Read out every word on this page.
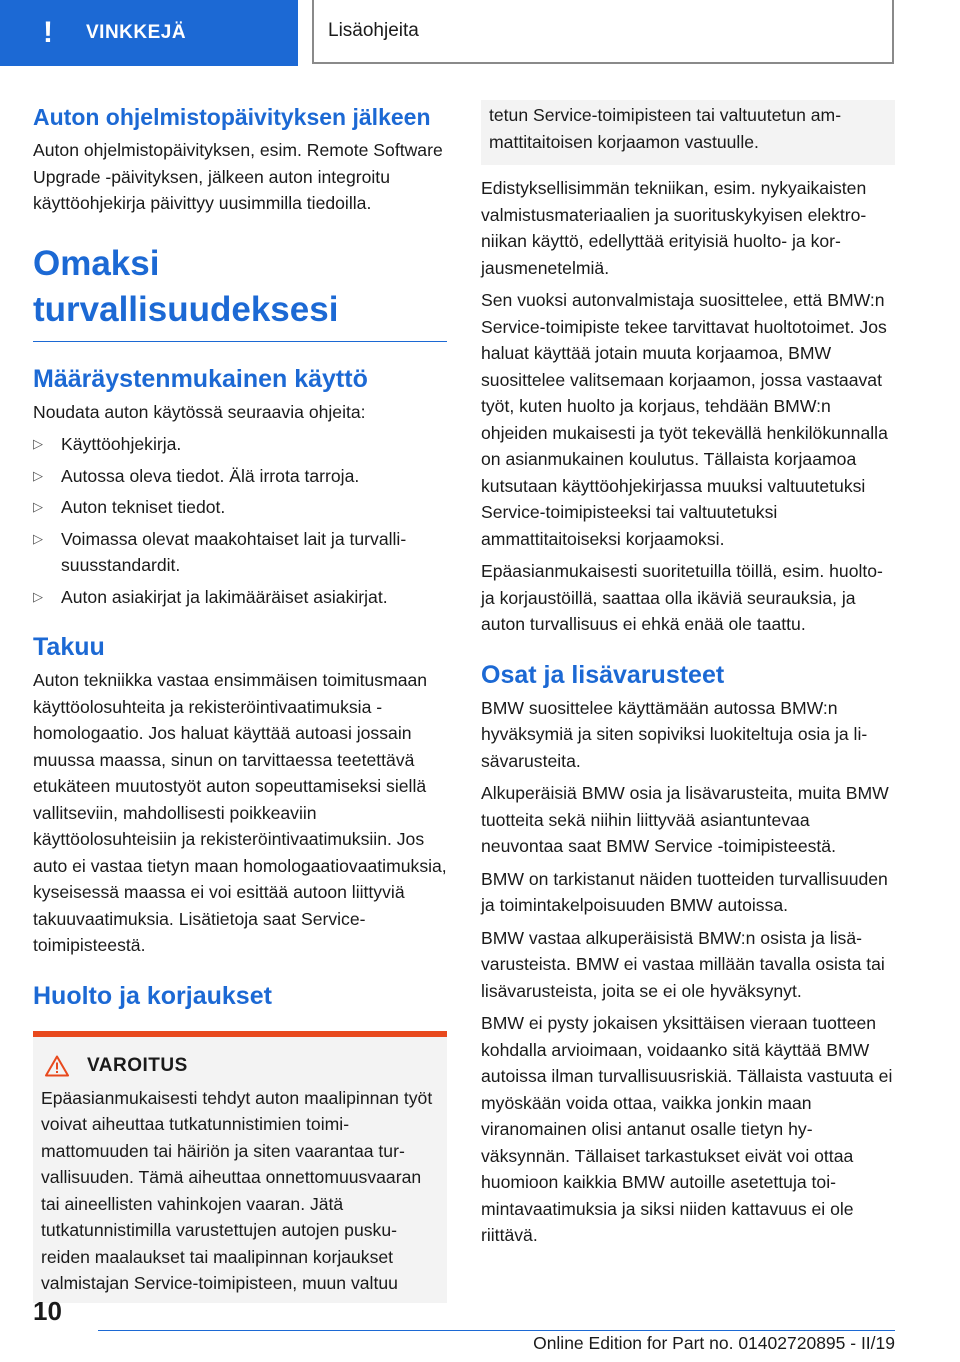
!	VINKKEJÄ	Lisäohjeita
Auton ohjelmistopäivityksen jälkeen

Auton ohjelmistopäivityksen, esim. Remote Software Upgrade -päivityksen, jälkeen auton integroitu käyttöohjekirja päivittyy uusimmilla tiedoilla.

Omaksi turvallisuudeksesi
Määräystenmukainen käyttö

Noudata auton käytössä seuraavia ohjeita:

▷ Käyttöohjekirja.
▷ Autossa oleva tiedot. Älä irrota tarroja.
▷ Auton tekniset tiedot.
▷ Voimassa olevat maakohtaiset lait ja turvallisuusstandardit.
▷ Auton asiakirjat ja lakimääräiset asiakirjat.
Takuu

Auton tekniikka vastaa ensimmäisen toimitusmaan käyttöolosuhteita ja rekisteröintivaatimuksia - homologaatio. Jos haluat käyttää autoasi jossain muussa maassa, sinun on tarvittaessa teetettävä etukäteen muutostyöt auton sopeuttamiseksi siellä vallitseviin, mahdollisesti poikkeaviin käyttöolosuhteisiin ja rekisteröintivaatimuksiin. Jos auto ei vastaa tietyn maan homologaatiovaatimuksia, kyseisessä maassa ei voi esittää autoon liittyviä takuuvaatimuksia. Lisätietoja saat Service-toimipisteestä.

Huolto ja korjaukset
VAROITUS

Epäasianmukaisesti tehdyt auton maalipinnan työt voivat aiheuttaa tutkatunnistimien toimimattomuuden tai häiriön ja siten vaarantaa turvallisuuden. Tämä aiheuttaa onnettomuusvaaran tai aineellisten vahinkojen vaaran. Jätä tutkatunnistimilla varustettujen autojen puskureiden maalaukset tai maalipinnan korjaukset valmistajan Service-toimipisteen, muun valtuu

tetun Service-toimipisteen tai valtuutetun ammattitaitoisen korjaamon vastuulle.

Edistyksellisimmän tekniikan, esim. nykyaikaisten valmistusmateriaalien ja suorituskykyisen elektroniikan käyttö, edellyttää erityisiä huolto- ja korjausmenetelmiä.

Sen vuoksi autonvalmistaja suosittelee, että BMW:n Service-toimipiste tekee tarvittavat huoltotoimet. Jos haluat käyttää jotain muuta korjaamoa, BMW suosittelee valitsemaan korjaamon, jossa vastaavat työt, kuten huolto ja korjaus, tehdään BMW:n ohjeiden mukaisesti ja työt tekevällä henkilökunnalla on asianmukainen koulutus. Tällaista korjaamoa kutsutaan käyttöohjekirjassa muuksi valtuutetuksi Service-toimipisteeksi tai valtuutetuksi ammattitaitoiseksi korjaamoksi.

Epäasianmukaisesti suoritetuilla töillä, esim. huolto- ja korjaustöillä, saattaa olla ikäviä seurauksia, ja auton turvallisuus ei ehkä enää ole taattu.

Osat ja lisävarusteet

BMW suosittelee käyttämään autossa BMW:n hyväksymiä ja siten sopiviksi luokiteltuja osia ja lisävarusteita.

Alkuperäisiä BMW osia ja lisävarusteita, muita BMW tuotteita sekä niihin liittyvää asiantuntevaa neuvontaa saat BMW Service -toimipisteestä.

BMW on tarkistanut näiden tuotteiden turvallisuuden ja toimintakelpoisuuden BMW autoissa.

BMW vastaa alkuperäisistä BMW:n osista ja lisävarusteista. BMW ei vastaa millään tavalla osista tai lisävarusteista, joita se ei ole hyväksynyt.

BMW ei pysty jokaisen yksittäisen vieraan tuotteen kohdalla arvioimaan, voidaanko sitä käyttää BMW autoissa ilman turvallisuusriskiä. Tällaista vastuuta ei myöskään voida ottaa, vaikka jonkin maan viranomainen olisi antanut osalle tietyn hyväksynnän. Tällaiset tarkastukset eivät voi ottaa huomioon kaikkia BMW autoille asetettuja toimintavaatimuksia ja siksi niiden kattavuus ei ole riittävä.

10
Online Edition for Part no. 01402720895 - II/19
